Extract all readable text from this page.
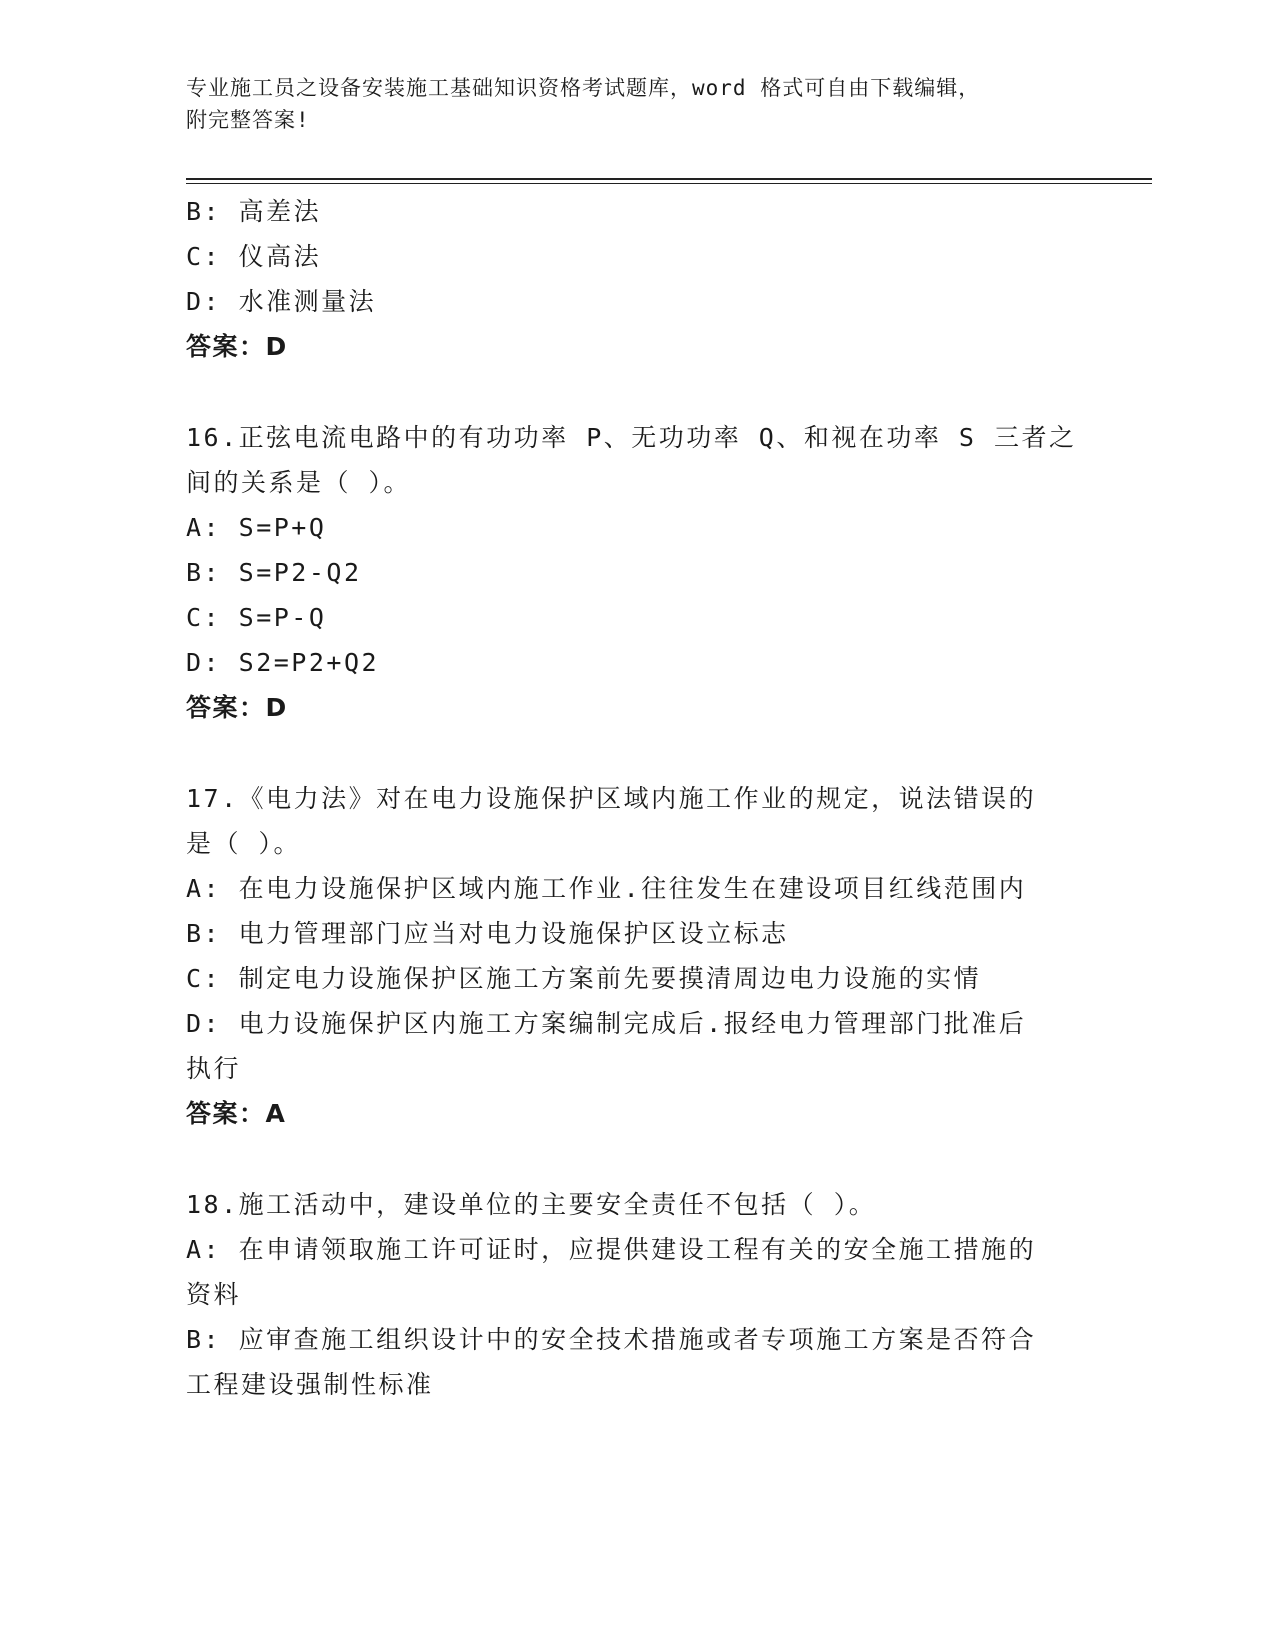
专业施工员之设备安装施工基础知识资格考试题库，word 格式可自由下载编辑，
附完整答案!
B: 高差法
C: 仪高法
D: 水准测量法
答案：D
16.正弦电流电路中的有功功率 P、无功功率 Q、和视在功率 S 三者之
间的关系是（ ）。
A: S=P+Q
B: S=P2-Q2
C: S=P-Q
D: S2=P2+Q2
答案：D
17.《电力法》对在电力设施保护区域内施工作业的规定，说法错误的
是（ ）。
A: 在电力设施保护区域内施工作业.往往发生在建设项目红线范围内
B: 电力管理部门应当对电力设施保护区设立标志
C: 制定电力设施保护区施工方案前先要摸清周边电力设施的实情
D: 电力设施保护区内施工方案编制完成后.报经电力管理部门批准后
执行
答案：A
18.施工活动中，建设单位的主要安全责任不包括（ ）。
A: 在申请领取施工许可证时，应提供建设工程有关的安全施工措施的
资料
B: 应审查施工组织设计中的安全技术措施或者专项施工方案是否符合
工程建设强制性标准
